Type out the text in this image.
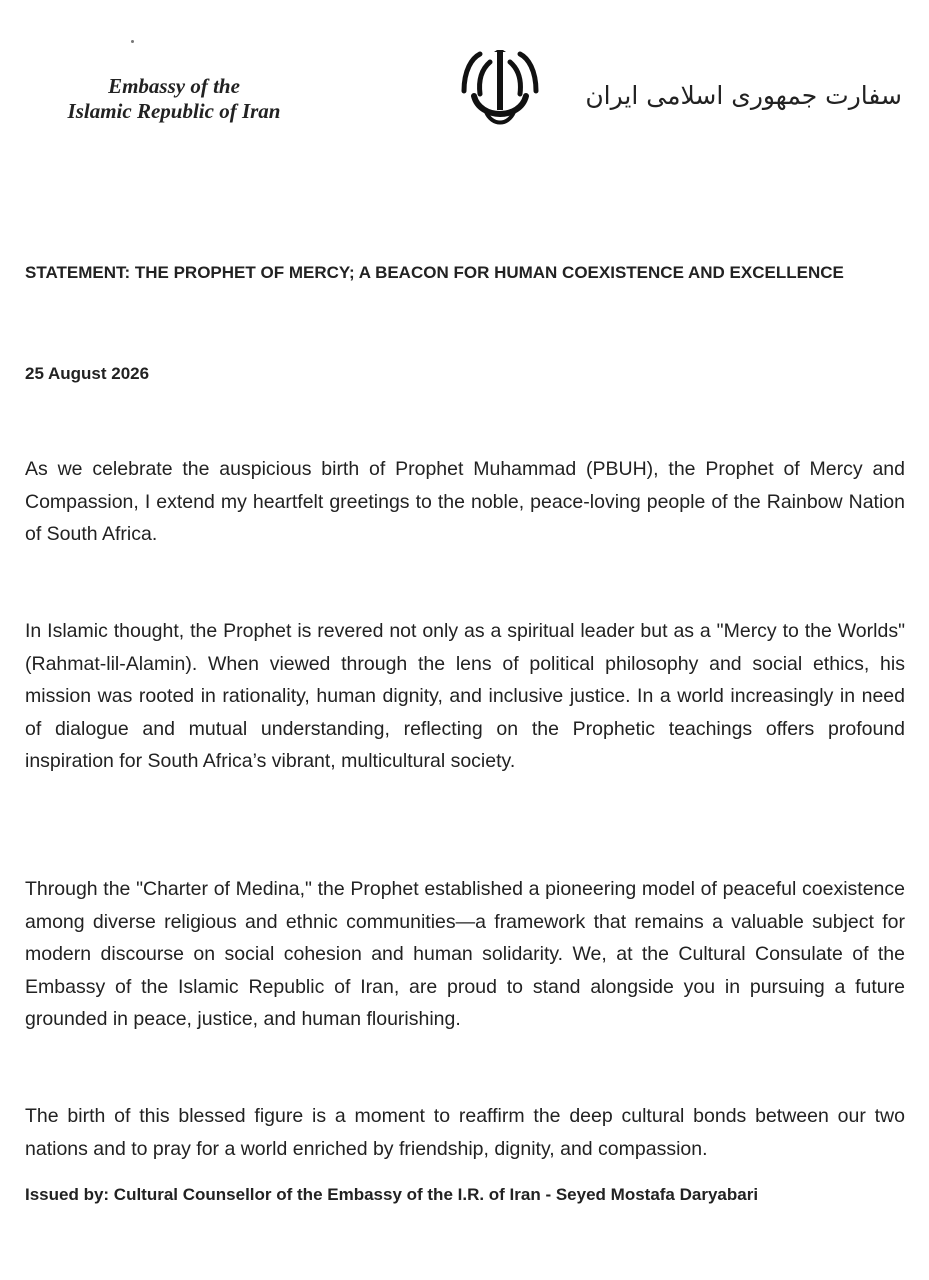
Embassy of the
Islamic Republic of Iran
سفارت جمهوری اسلامی ایران
STATEMENT: THE PROPHET OF MERCY; A BEACON FOR HUMAN COEXISTENCE AND EXCELLENCE
25 August 2026

As we celebrate the auspicious birth of Prophet Muhammad (PBUH), the Prophet of Mercy and Compassion, I extend my heartfelt greetings to the noble, peace-loving people of the Rainbow Nation of South Africa.

In Islamic thought, the Prophet is revered not only as a spiritual leader but as a "Mercy to the Worlds" (Rahmat-lil-Alamin). When viewed through the lens of political philosophy and social ethics, his mission was rooted in rationality, human dignity, and inclusive justice. In a world increasingly in need of dialogue and mutual understanding, reflecting on the Prophetic teachings offers profound inspiration for South Africa’s vibrant, multicultural society.

Through the "Charter of Medina," the Prophet established a pioneering model of peaceful coexistence among diverse religious and ethnic communities—a framework that remains a valuable subject for modern discourse on social cohesion and human solidarity. We, at the Cultural Consulate of the Embassy of the Islamic Republic of Iran, are proud to stand alongside you in pursuing a future grounded in peace, justice, and human flourishing.

The birth of this blessed figure is a moment to reaffirm the deep cultural bonds between our two nations and to pray for a world enriched by friendship, dignity, and compassion.

Issued by: Cultural Counsellor of the Embassy of the I.R. of Iran - Seyed Mostafa Daryabari
